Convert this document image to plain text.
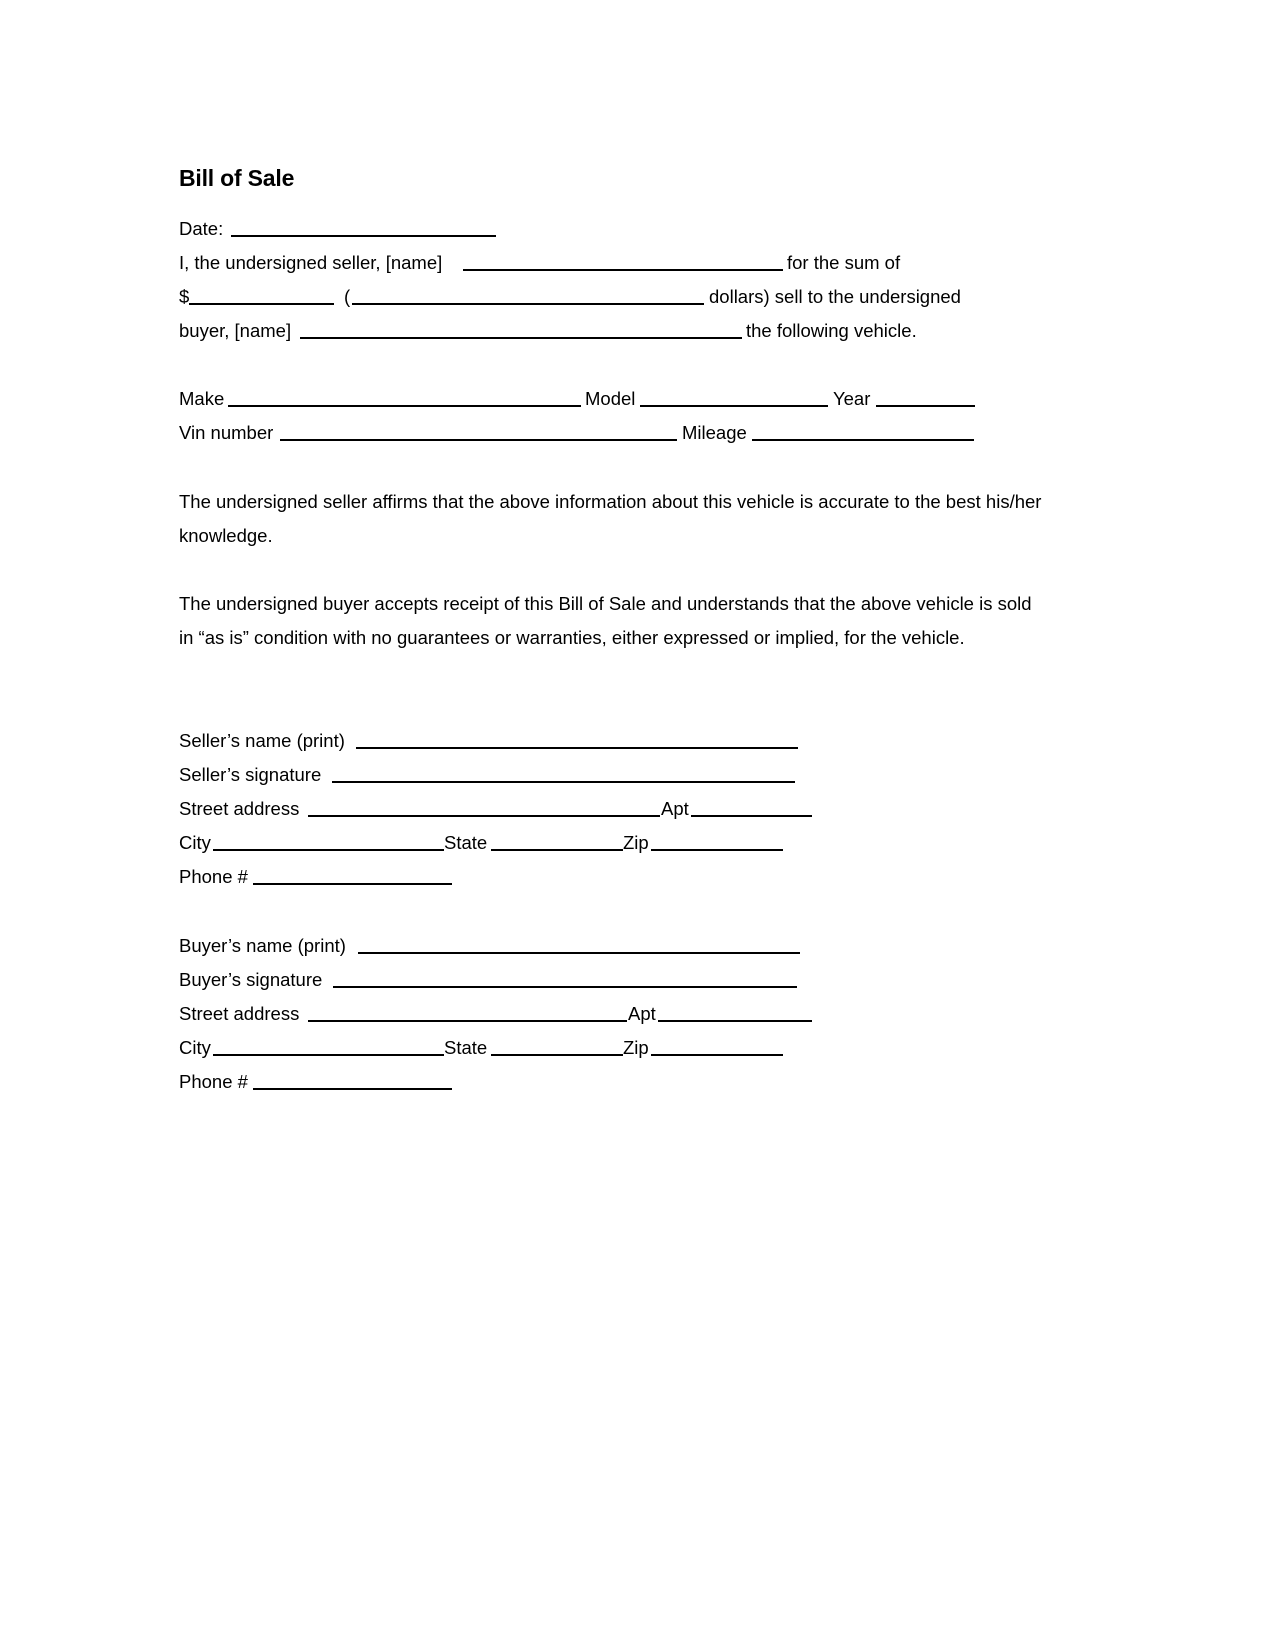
Bill of Sale
Date:
I, the undersigned seller, [name]	for the sum of
$	(	dollars) sell to the undersigned
buyer, [name]	the following vehicle.
Make	Model	Year
Vin number	Mileage
The undersigned seller affirms that the above information about this vehicle is accurate to the best his/her knowledge.
The undersigned buyer accepts receipt of this Bill of Sale and understands that the above vehicle is sold in “as is” condition with no guarantees or warranties, either expressed or implied, for the vehicle.
Seller’s name (print)
Seller’s signature
Street address	Apt
City	State	Zip
Phone #
Buyer’s name (print)
Buyer’s signature
Street address	Apt
City	State	Zip
Phone #
